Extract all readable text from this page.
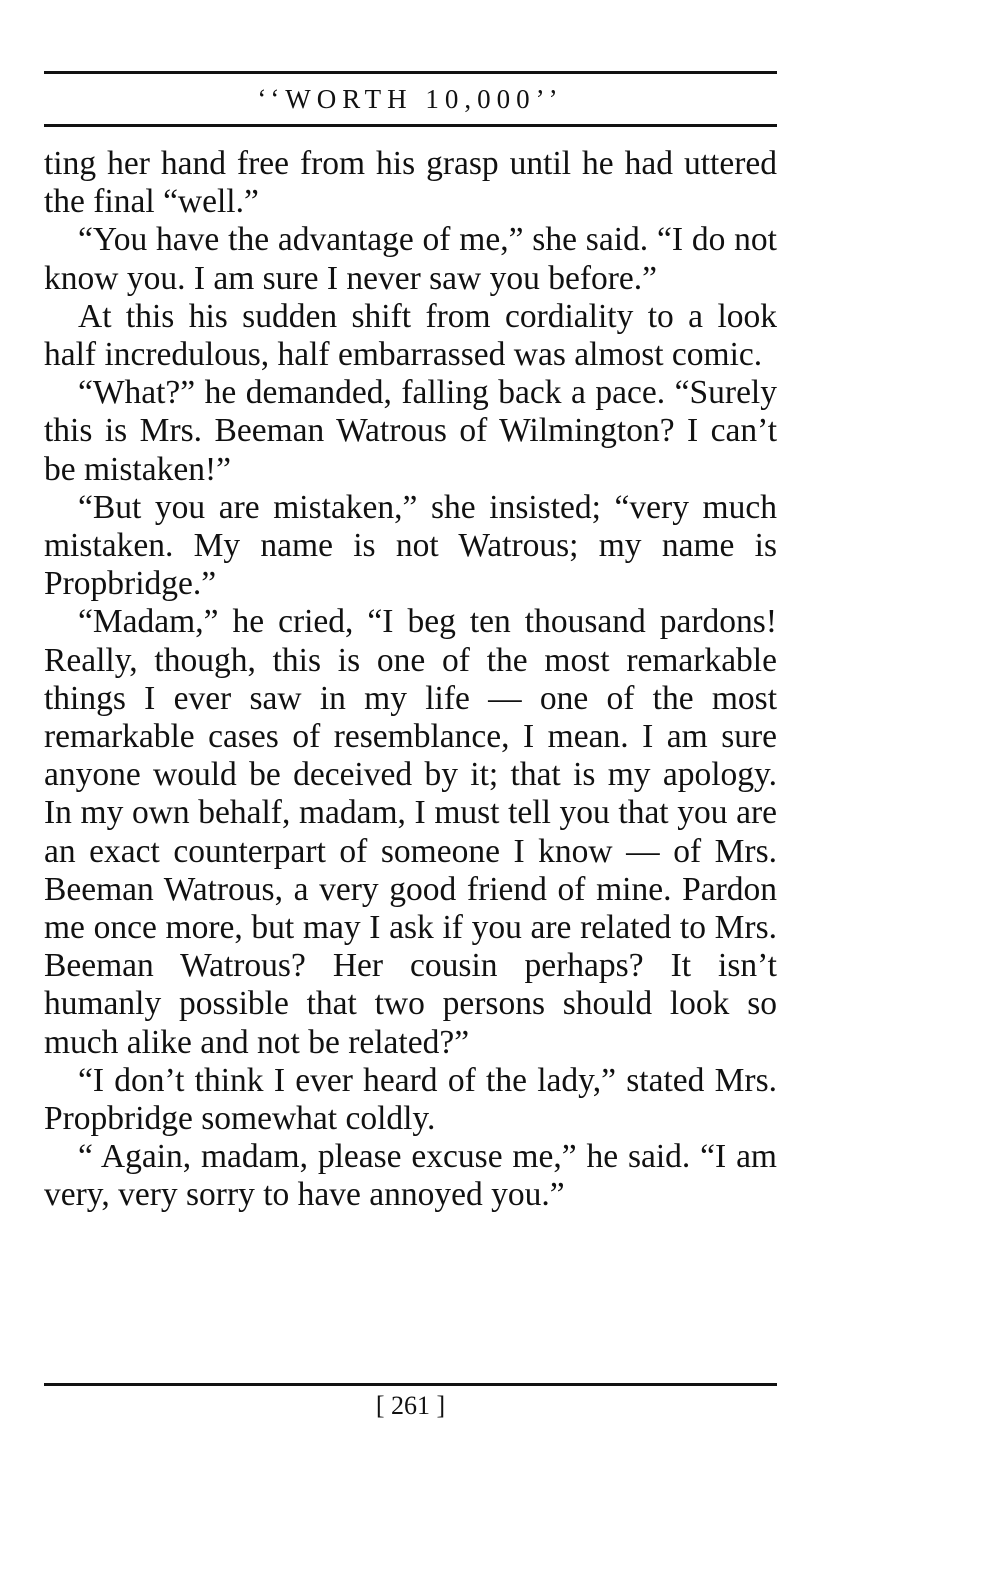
‘‘WORTH 10,000’’

ting her hand free from his grasp until he had uttered the final “well.”

“You have the advantage of me,” she said. “I do not know you. I am sure I never saw you before.”

At this his sudden shift from cordiality to a look half incredulous, half embarrassed was almost comic.

“What?” he demanded, falling back a pace. “Surely this is Mrs. Beeman Watrous of Wilmington? I can’t be mistaken!”

“But you are mistaken,” she insisted; “very much mistaken. My name is not Watrous; my name is Propbridge.”

“Madam,” he cried, “I beg ten thousand pardons! Really, though, this is one of the most remarkable things I ever saw in my life — one of the most remarkable cases of resemblance, I mean. I am sure anyone would be deceived by it; that is my apology. In my own behalf, madam, I must tell you that you are an exact counterpart of someone I know — of Mrs. Beeman Watrous, a very good friend of mine. Pardon me once more, but may I ask if you are related to Mrs. Beeman Watrous? Her cousin perhaps? It isn’t humanly possible that two persons should look so much alike and not be related?”

“I don’t think I ever heard of the lady,” stated Mrs. Propbridge somewhat coldly.

“ Again, madam, please excuse me,” he said. “I am very, very sorry to have annoyed you.”

[ 261 ]
